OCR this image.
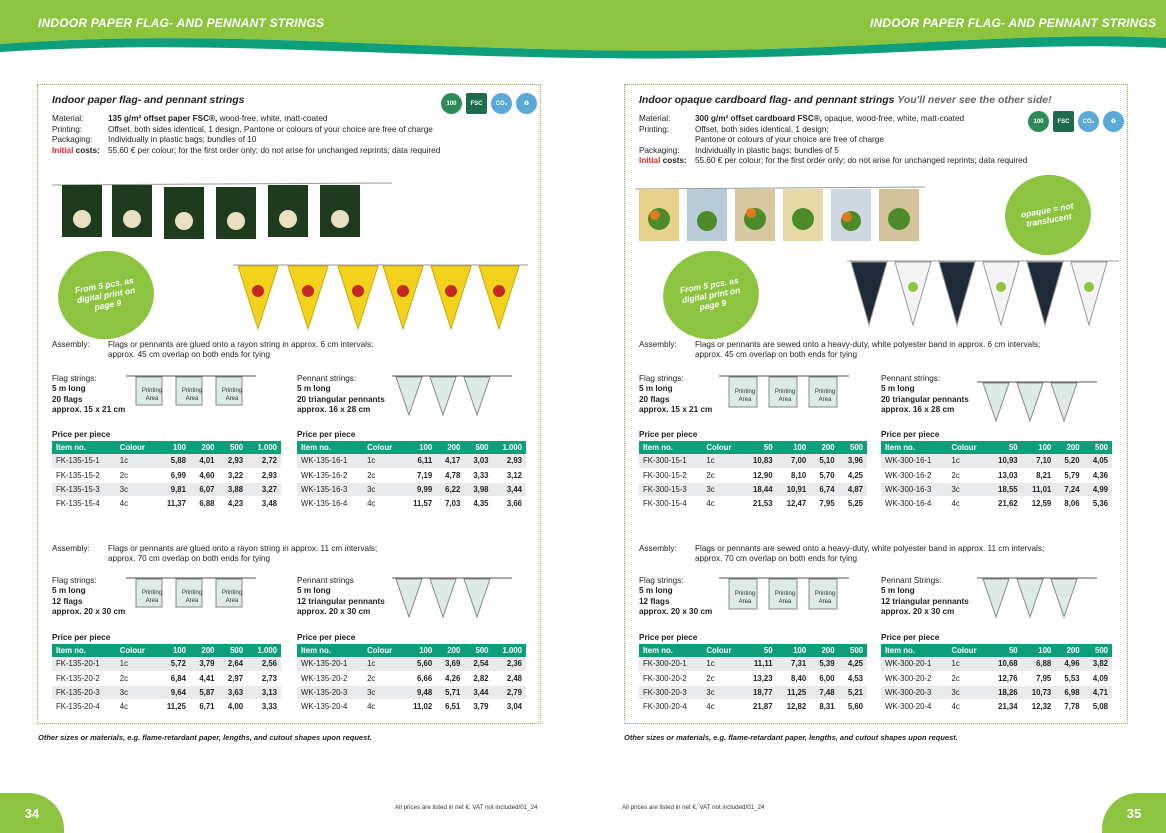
INDOOR PAPER FLAG- AND PENNANT STRINGS	INDOOR PAPER FLAG- AND PENNANT STRINGS
Indoor paper flag- and pennant strings	100	FSC	CO₂	♻
Material:	135 g/m² offset paper FSC®, wood-free, white, matt-coated
Printing:	Offset, both sides identical, 1 design, Pantone or colours of your choice are free of charge
Packaging:	Individually in plastic bags; bundles of 10
Initial costs:	55.60 € per colour; for the first order only; do not arise for unchanged reprints; data required
From 5 pcs. as digital print on page 9
Assembly:	Flags or pennants are glued onto a rayon string in approx. 6 cm intervals;
approx. 45 cm overlap on both ends for tying
Flag strings:
5 m long
20 flags
approx. 15 x 21 cm
Printing Area
Printing Area
Printing Area
Pennant strings:
5 m long
20 triangular pennants
approx. 16 x 28 cm
Price per piece
Item no.	Colour	100	200	500	1.000
FK-135-15-1	1c	5,88	4,01	2,93	2,72
FK-135-15-2	2c	6,99	4,60	3,22	2,93
FK-135-15-3	3c	9,81	6,07	3,88	3,27
FK-135-15-4	4c	11,37	6,88	4,23	3,48
Price per piece
Item no.	Colour	100	200	500	1.000
WK-135-16-1	1c	6,11	4,17	3,03	2,93
WK-135-16-2	2c	7,19	4,78	3,33	3,12
WK-135-16-3	3c	9,99	6,22	3,98	3,44
WK-135-16-4	4c	11,57	7,03	4,35	3,66
Assembly:	Flags or pennants are glued onto a rayon string in approx. 11 cm intervals;
approx. 70 cm overlap on both ends for tying
Flag strings:
5 m long
12 flags
approx. 20 x 30 cm
Printing Area
Printing Area
Printing Area
Pennant strings
5 m long
12 triangular pennants
approx. 20 x 30 cm
Price per piece
Item no.	Colour	100	200	500	1.000
FK-135-20-1	1c	5,72	3,79	2,64	2,56
FK-135-20-2	2c	6,84	4,41	2,97	2,73
FK-135-20-3	3c	9,64	5,87	3,63	3,13
FK-135-20-4	4c	11,25	6,71	4,00	3,33
Price per piece
Item no.	Colour	100	200	500	1.000
WK-135-20-1	1c	5,60	3,69	2,54	2,36
WK-135-20-2	2c	6,66	4,26	2,82	2,48
WK-135-20-3	3c	9,48	5,71	3,44	2,79
WK-135-20-4	4c	11,02	6,51	3,79	3,04
Other sizes or materials, e.g. flame-retardant paper, lengths, and cutout shapes upon request.
Indoor opaque cardboard flag- and pennant strings You'll never see the other side!
100	FSC	CO₂	♻
Material:	300 g/m² offset cardboard FSC®, opaque, wood-free, white, matt-coated
Printing:	Offset, both sides identical, 1 design;
Pantone or colours of your choice are free of charge
Packaging:	Individually in plastic bags; bundles of 5
Initial costs:	55.60 € per colour; for the first order only; do not arise for unchanged reprints; data required
opaque = not translucent
From 5 pcs. as digital print on page 9
Assembly:	Flags or pennants are sewed onto a heavy-duty, white polyester band in approx. 6 cm intervals;
approx. 45 cm overlap on both ends for tying
Flag strings:
5 m long
20 flags
approx. 15 x 21 cm
Printing Area
Printing Area
Printing Area
Pennant strings:
5 m long
20 triangular pennants
approx. 16 x 28 cm
Price per piece
Item no.	Colour	50	100	200	500
FK-300-15-1	1c	10,83	7,00	5,10	3,96
FK-300-15-2	2c	12,90	8,10	5,70	4,25
FK-300-15-3	3c	18,44	10,91	6,74	4,87
FK-300-15-4	4c	21,53	12,47	7,95	5,25
Price per piece
Item no.	Colour	50	100	200	500
WK-300-16-1	1c	10,93	7,10	5,20	4,05
WK-300-16-2	2c	13,03	8,21	5,79	4,36
WK-300-16-3	3c	18,55	11,01	7,24	4,99
WK-300-16-4	4c	21,62	12,59	8,06	5,36
Assembly:	Flags or pennants are sewed onto a heavy-duty, white polyester band in approx. 11 cm intervals;
approx. 70 cm overlap on both ends for tying
Flag strings:
5 m long
12 flags
approx. 20 x 30 cm
Printing Area
Printing Area
Printing Area
Pennant Strings:
5 m long
12 triangular pennants
approx. 20 x 30 cm
Price per piece
Item no.	Colour	50	100	200	500
FK-300-20-1	1c	11,11	7,31	5,39	4,25
FK-300-20-2	2c	13,23	8,40	6,00	4,53
FK-300-20-3	3c	18,77	11,25	7,48	5,21
FK-300-20-4	4c	21,87	12,82	8,31	5,60
Price per piece
Item no.	Colour	50	100	200	500
WK-300-20-1	1c	10,68	6,88	4,96	3,82
WK-300-20-2	2c	12,76	7,95	5,53	4,09
WK-300-20-3	3c	18,26	10,73	6,98	4,71
WK-300-20-4	4c	21,34	12,32	7,78	5,08
Other sizes or materials, e.g. flame-retardant paper, lengths, and cutout shapes upon request.
34	35
All prices are listed in net €; VAT not included/01_24	All prices are listed in net €; VAT not included/01_24
